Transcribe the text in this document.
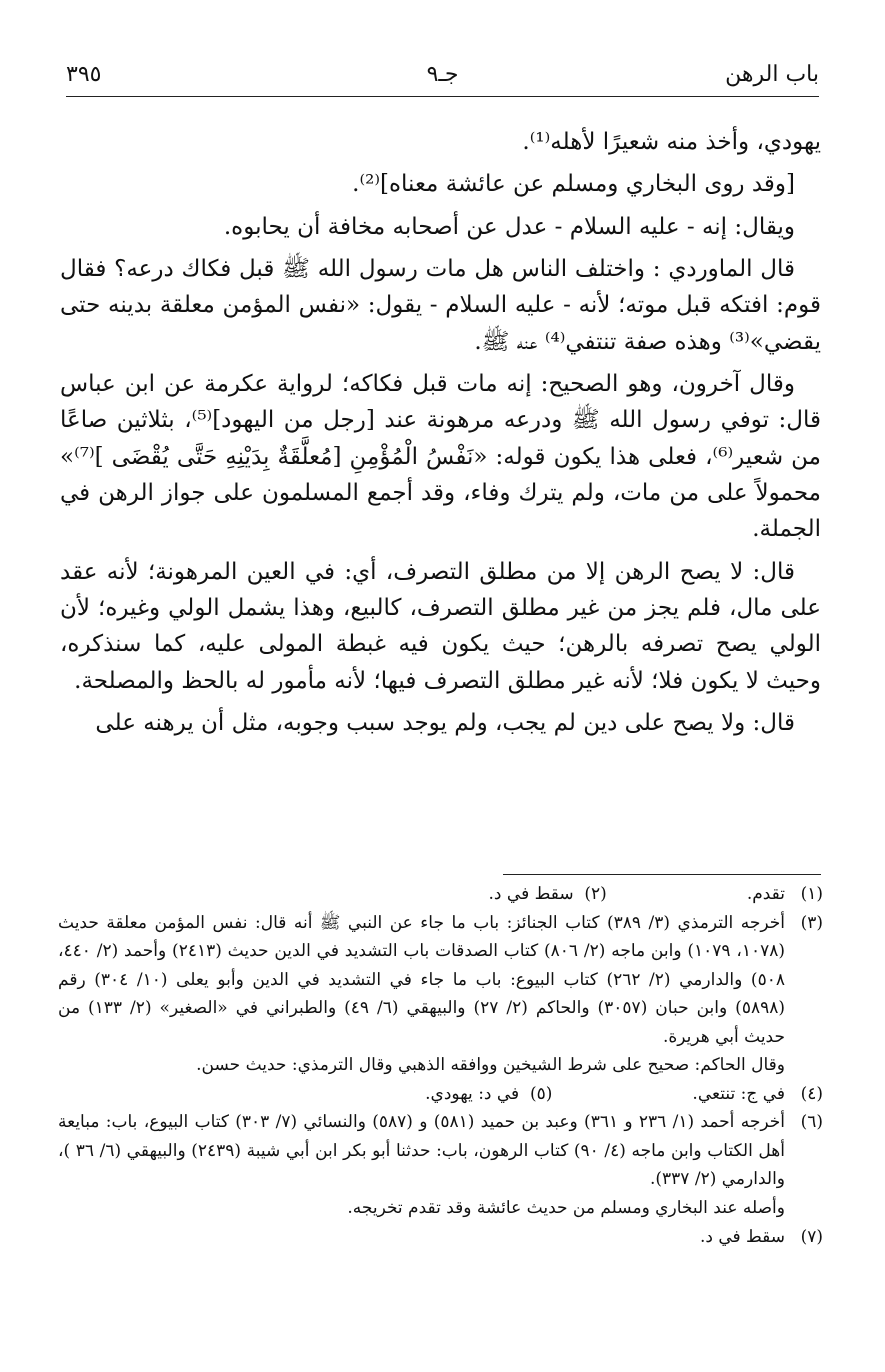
باب الرهن
جـ٩
٣٩٥

يهودي، وأخذ منه شعيرًا لأهله⁽¹⁾.

[وقد روى البخاري ومسلم عن عائشة معناه]⁽²⁾.

ويقال: إنه - عليه السلام - عدل عن أصحابه مخافة أن يحابوه.

قال الماوردي : واختلف الناس هل مات رسول الله ﷺ قبل فكاك درعه؟ فقال قوم: افتكه قبل موته؛ لأنه - عليه السلام - يقول: «نفس المؤمن معلقة بدينه حتى يقضي»⁽³⁾ وهذه صفة تنتفي⁽⁴⁾ عنه ﷺ.

وقال آخرون، وهو الصحيح: إنه مات قبل فكاكه؛ لرواية عكرمة عن ابن عباس قال: توفي رسول الله ﷺ ودرعه مرهونة عند [رجل من اليهود]⁽⁵⁾، بثلاثين صاعًا من شعير⁽⁶⁾، فعلى هذا يكون قوله: «نَفْسُ الْمُؤْمِنِ [مُعلَّقَةٌ بِدَيْنِهِ حَتَّى يُقْضَى ]⁽⁷⁾» محمولاً على من مات، ولم يترك وفاء، وقد أجمع المسلمون على جواز الرهن في الجملة.

قال: لا يصح الرهن إلا من مطلق التصرف، أي: في العين المرهونة؛ لأنه عقد على مال، فلم يجز من غير مطلق التصرف، كالبيع، وهذا يشمل الولي وغيره؛ لأن الولي يصح تصرفه بالرهن؛ حيث يكون فيه غبطة المولى عليه، كما سنذكره، وحيث لا يكون فلا؛ لأنه غير مطلق التصرف فيها؛ لأنه مأمور له بالحظ والمصلحة.

قال: ولا يصح على دين لم يجب، ولم يوجد سبب وجوبه، مثل أن يرهنه على

(١)
تقدم.(٢)  سقط في د.
(٣)
أخرجه الترمذي (٣/ ٣٨٩) كتاب الجنائز: باب ما جاء عن النبي ﷺ أنه قال: نفس المؤمن معلقة حديث (١٠٧٨، ١٠٧٩) وابن ماجه (٢/ ٨٠٦) كتاب الصدقات باب التشديد في الدين حديث (٢٤١٣) وأحمد (٢/ ٤٤٠، ٥٠٨) والدارمي (٢/ ٢٦٢) كتاب البيوع: باب ما جاء في التشديد في الدين وأبو يعلى (١٠/ ٣٠٤) رقم (٥٨٩٨) وابن حبان (٣٠٥٧) والحاكم (٢/ ٢٧) والبيهقي (٦/ ٤٩) والطبراني في «الصغير» (٢/ ١٣٣) من حديث أبي هريرة.
وقال الحاكم: صحيح على شرط الشيخين ووافقه الذهبي وقال الترمذي: حديث حسن.
(٤)
في ج: تنتعي.(٥)  في د: يهودي.
(٦)
أخرجه أحمد (١/ ٢٣٦ و ٣٦١) وعبد بن حميد (٥٨١) و (٥٨٧) والنسائي (٧/ ٣٠٣) كتاب البيوع، باب: مبايعة أهل الكتاب وابن ماجه (٤/ ٩٠) كتاب الرهون، باب: حدثنا أبو بكر ابن أبي شيبة (٢٤٣٩) والبيهقي (٦/ ٣٦ )، والدارمي (٢/ ٣٣٧).
وأصله عند البخاري ومسلم من حديث عائشة وقد تقدم تخريجه.
(٧)
سقط في د.
